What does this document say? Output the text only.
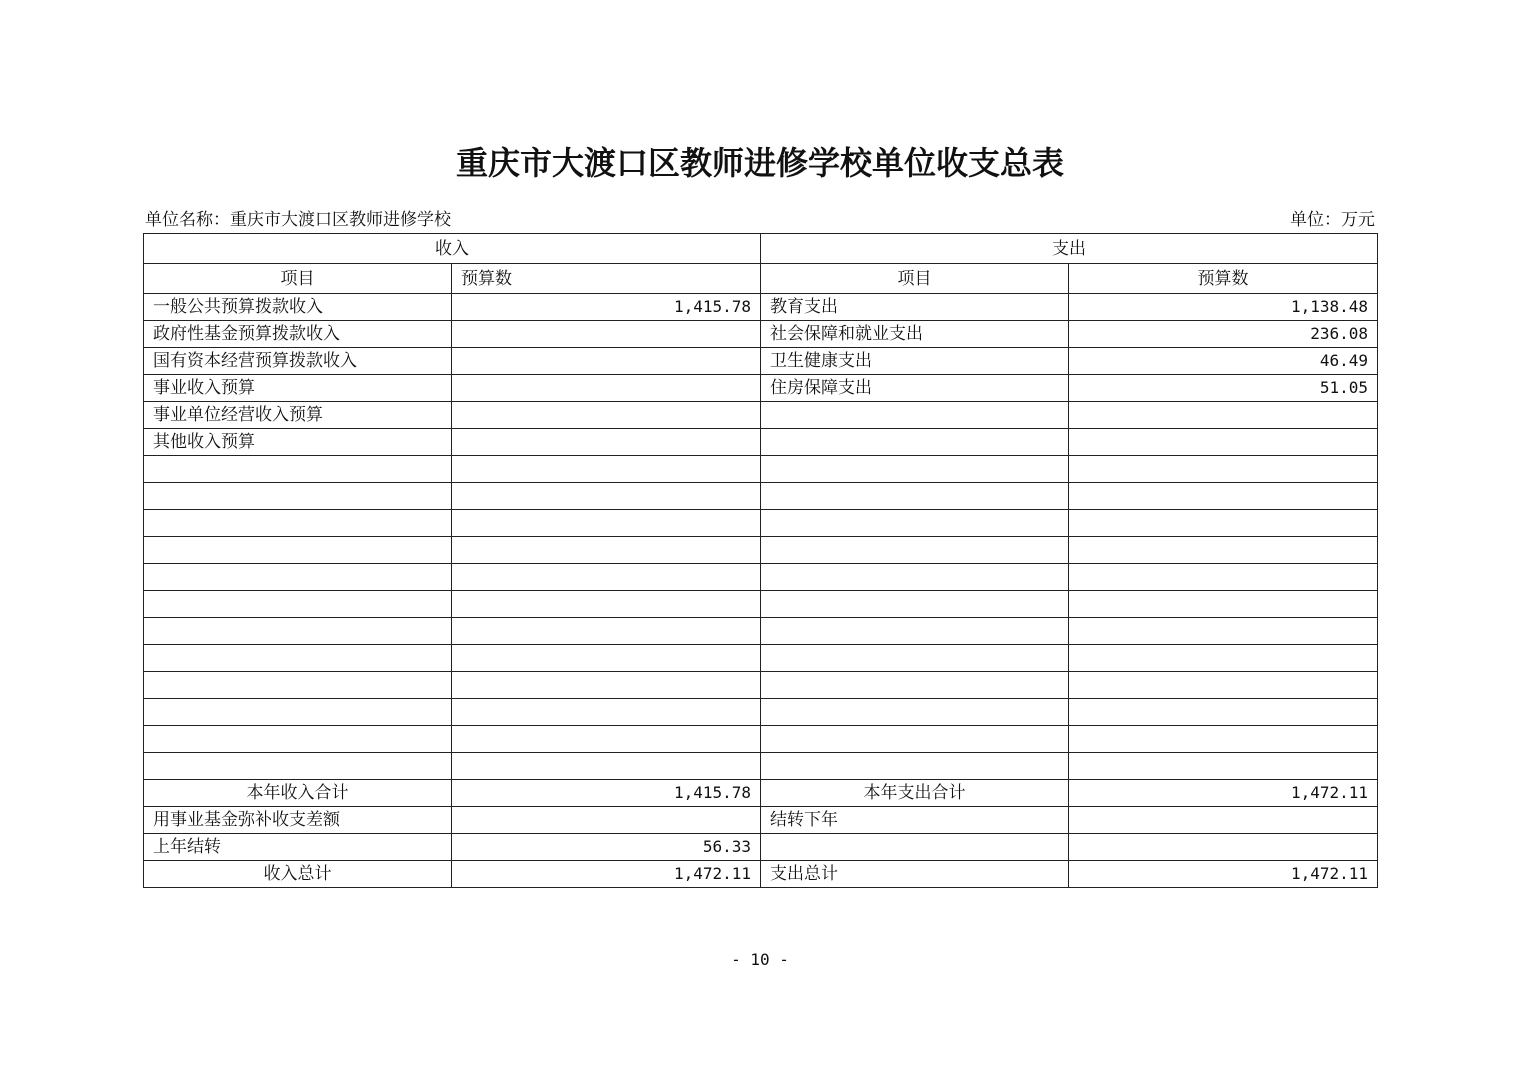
重庆市大渡口区教师进修学校单位收支总表
单位名称：重庆市大渡口区教师进修学校	单位：万元
收入		支出	
项目	预算数	项目	预算数
一般公共预算拨款收入	1,415.78	教育支出	1,138.48
政府性基金预算拨款收入		社会保障和就业支出	236.08
国有资本经营预算拨款收入		卫生健康支出	46.49
事业收入预算		住房保障支出	51.05
事业单位经营收入预算			
其他收入预算			

本年收入合计	1,415.78	本年支出合计	1,472.11
用事业基金弥补收支差额		结转下年	
上年结转	56.33		
收入总计	1,472.11	支出总计	1,472.11
- 10 -
